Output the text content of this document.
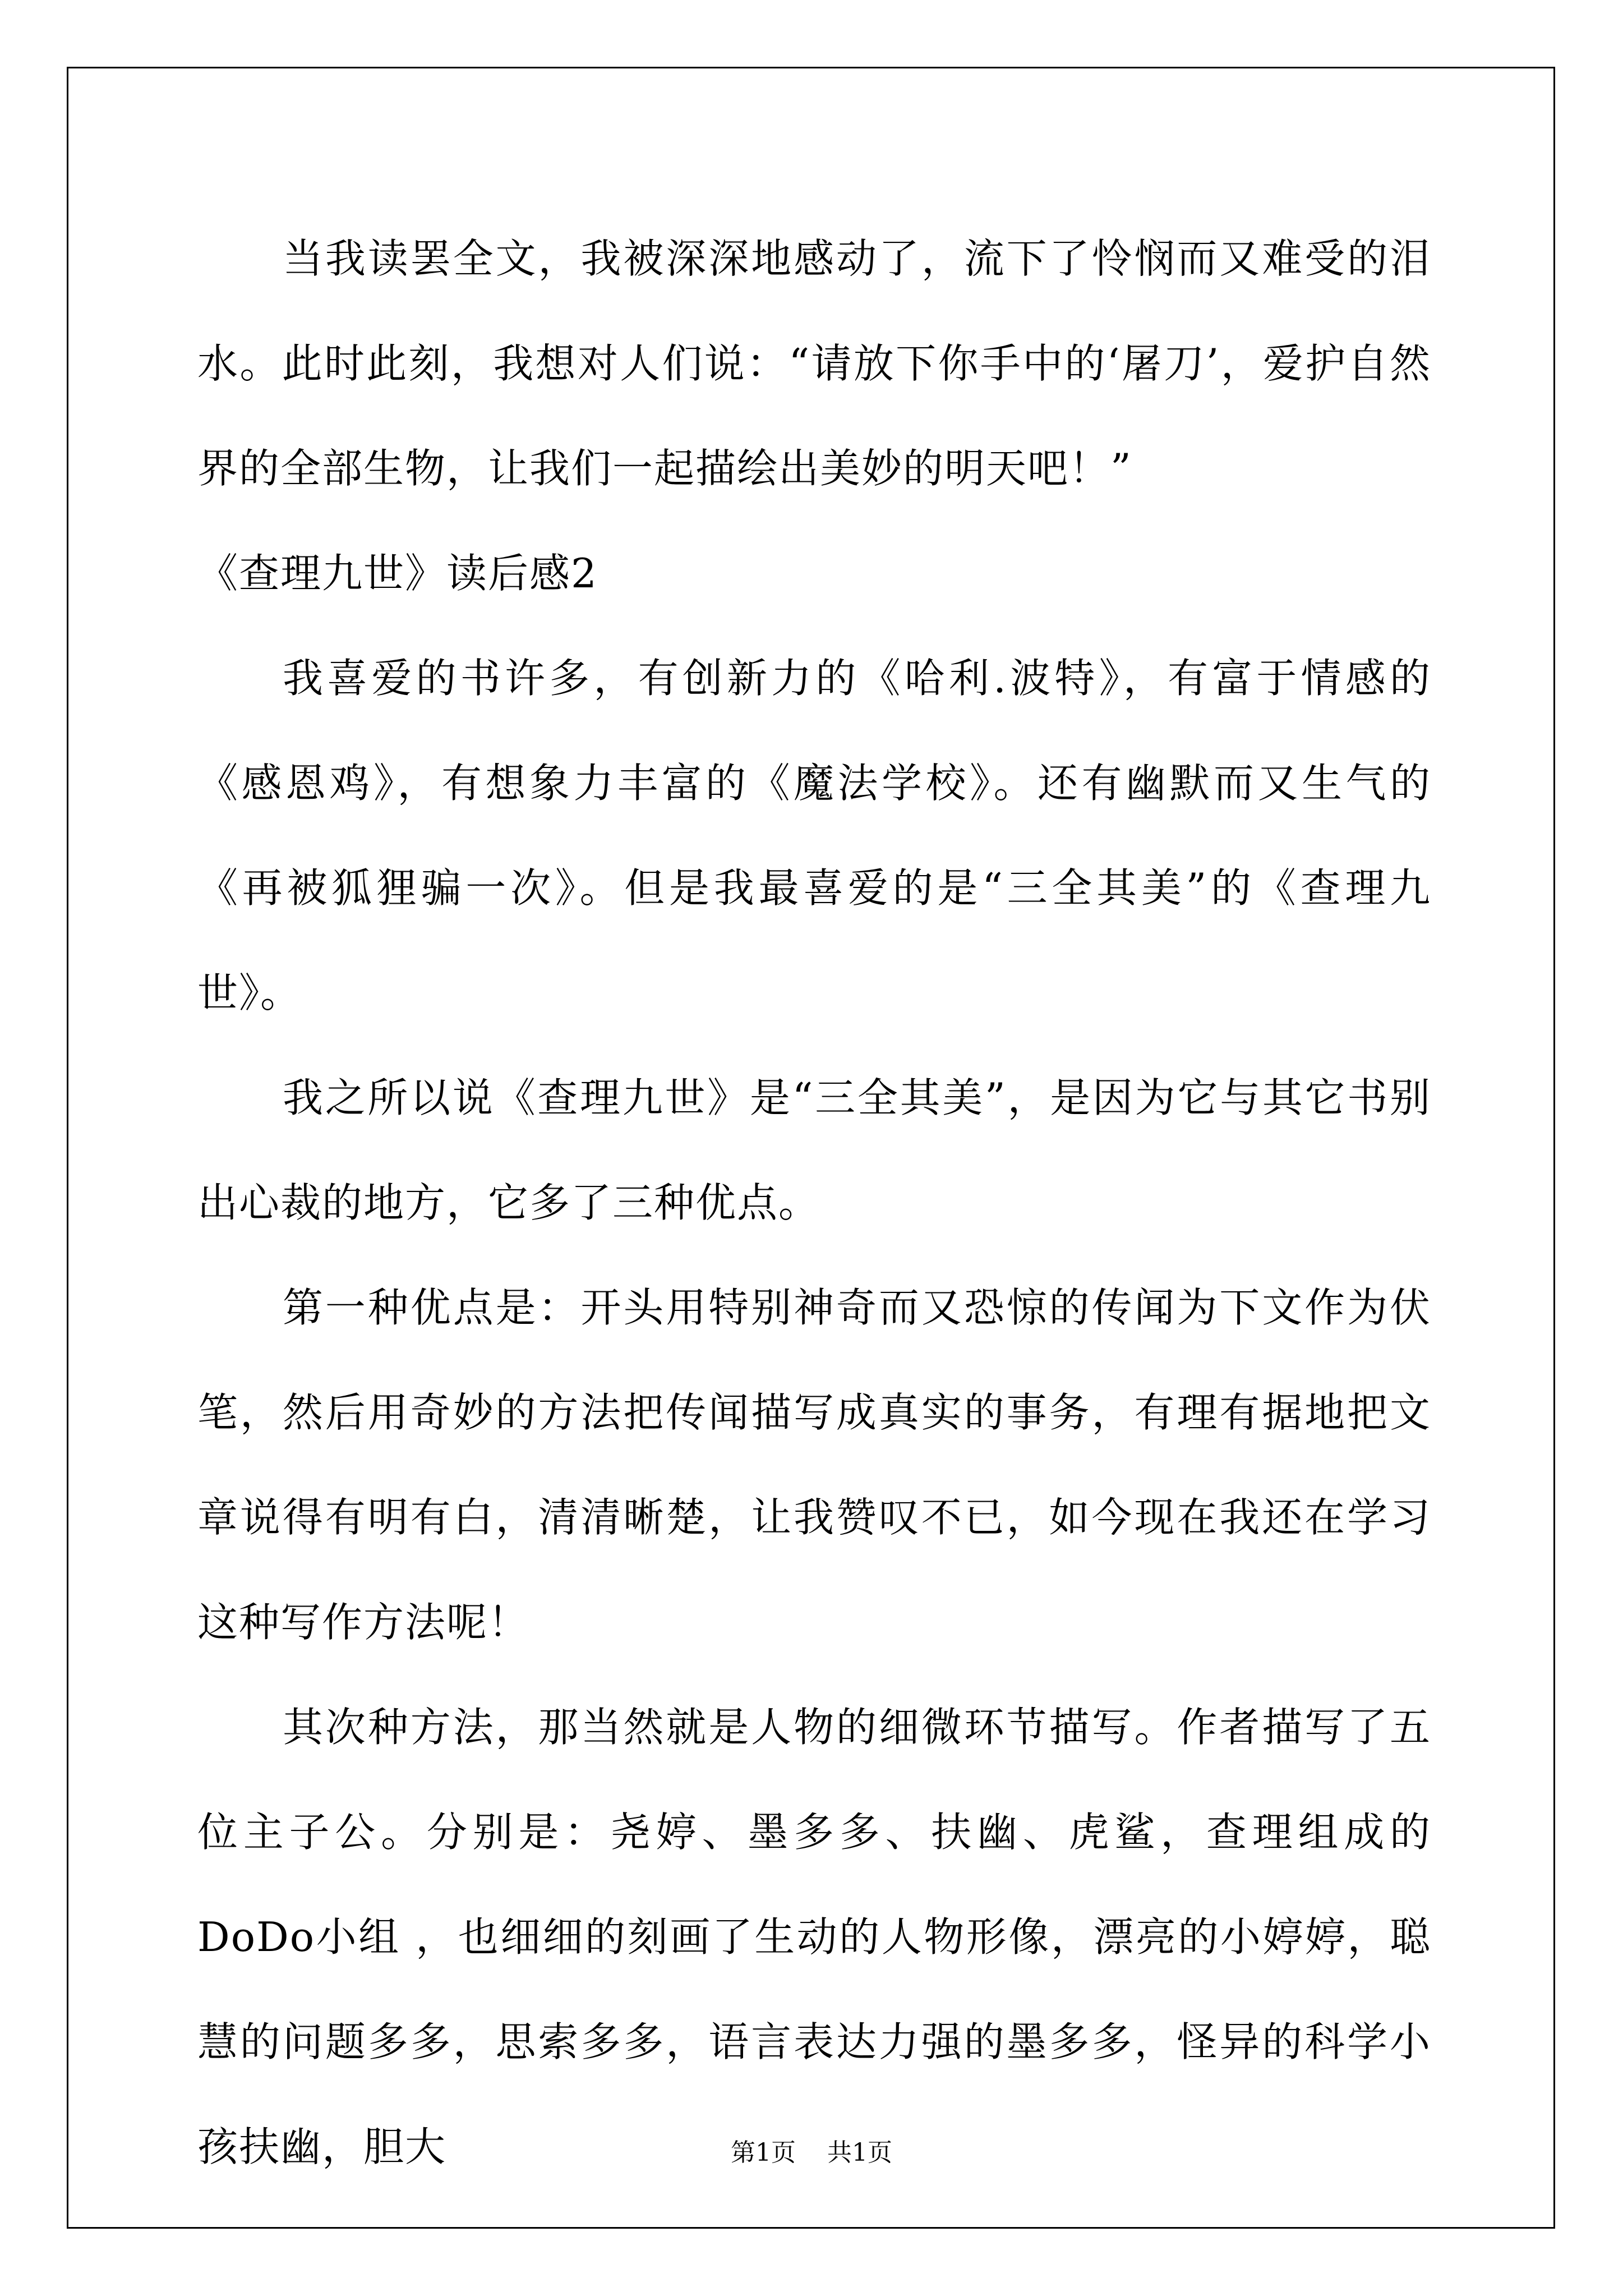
当我读罢全文，我被深深地感动了，流下了怜悯而又难受的泪水。此时此刻，我想对人们说：“请放下你手中的‘屠刀’，爱护自然界的全部生物，让我们一起描绘出美妙的明天吧！”

《查理九世》读后感2

我喜爱的书许多，有创新力的《哈利.波特》，有富于情感的《感恩鸡》，有想象力丰富的《魔法学校》。还有幽默而又生气的《再被狐狸骗一次》。但是我最喜爱的是“三全其美”的《查理九世》。

我之所以说《查理九世》是“三全其美”，是因为它与其它书别出心裁的地方，它多了三种优点。

第一种优点是：开头用特别神奇而又恐惊的传闻为下文作为伏笔，然后用奇妙的方法把传闻描写成真实的事务，有理有据地把文章说得有明有白，清清晰楚，让我赞叹不已，如今现在我还在学习这种写作方法呢！

其次种方法，那当然就是人物的细微环节描写。作者描写了五位主子公。分别是：尧婷、墨多多、扶幽、虎鲨，查理组成的DoDo小组 ，也细细的刻画了生动的人物形像，漂亮的小婷婷，聪慧的问题多多，思索多多，语言表达力强的墨多多，怪异的科学小孩扶幽，胆大	第1页 共1页
